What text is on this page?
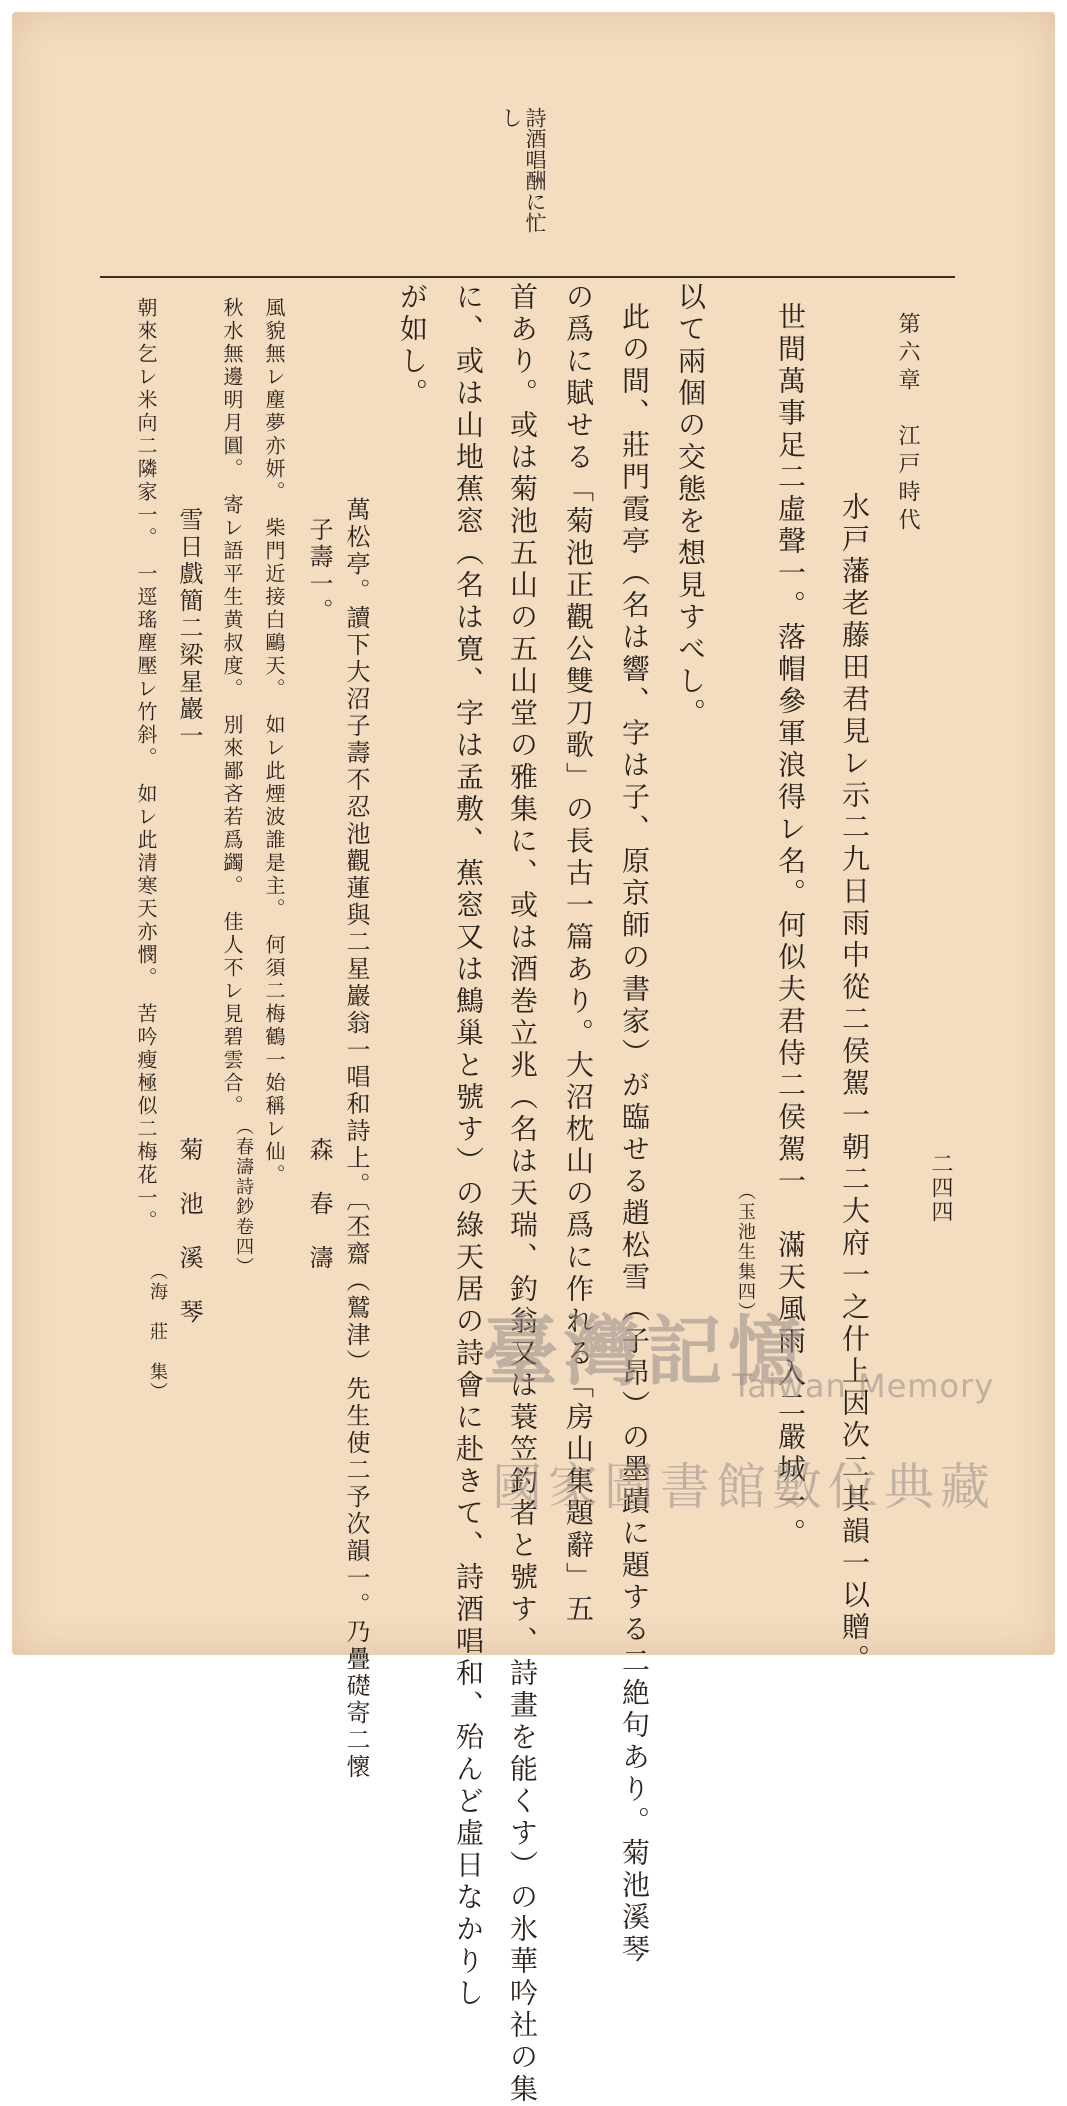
二四四
第六章　江戸時代
詩酒唱酬に忙
し
水戸藩老藤田君見レ示二九日雨中從二侯駕一朝二大府一之什上因次二其韻一以贈。
世間萬事足二虛聲一。落帽參軍浪得レ名。何似夫君侍二侯駕一　滿天風雨入二嚴城一。
（玉池生集四）
以て兩個の交態を想見すべし。
此の間、莊門霞亭（名は響、字は子、原京師の書家）が臨せる趙松雪（子昂）の墨蹟に題する二絶句あり。菊池溪琴
の爲に賦せる「菊池正觀公雙刀歌」の長古一篇あり。大沼枕山の爲に作れる「房山集題辭」五
首あり。或は菊池五山の五山堂の雅集に、或は酒巻立兆（名は天瑞、釣翁又は蓑笠釣者と號す、詩畫を能くす）の氷華吟社の集
に、或は山地蕉窓（名は寛、字は孟敷、蕉窓又は鷦巢と號す）の綠天居の詩會に赴きて、詩酒唱和、殆んど虛日なかりし
が如し。
萬松亭。讀下大沼子壽不忍池觀蓮與二星巖翁一唱和詩上。〔丕齋（鷲津）先生使二予次韻一。乃疊礎寄二懷
子壽一。
森　春　濤
風貌無レ塵夢亦妍。　柴門近接白鷗天。　如レ此煙波誰是主。　何須二梅鶴一始稱レ仙。
秋水無邊明月圓。　寄レ語平生黄叔度。　別來鄙吝若爲蠲。　佳人不レ見碧雲合。
（春濤詩鈔卷四）
雪日戲簡二梁星巖一
菊　池　溪　琴
朝來乞レ米向二隣家一。　一逕瑤塵壓レ竹斜。　如レ此清寒天亦憫。　苦吟瘦極似二梅花一。
（海　莊　集）	臺灣記憶
Taiwan Memory
國家圖書館數位典藏
